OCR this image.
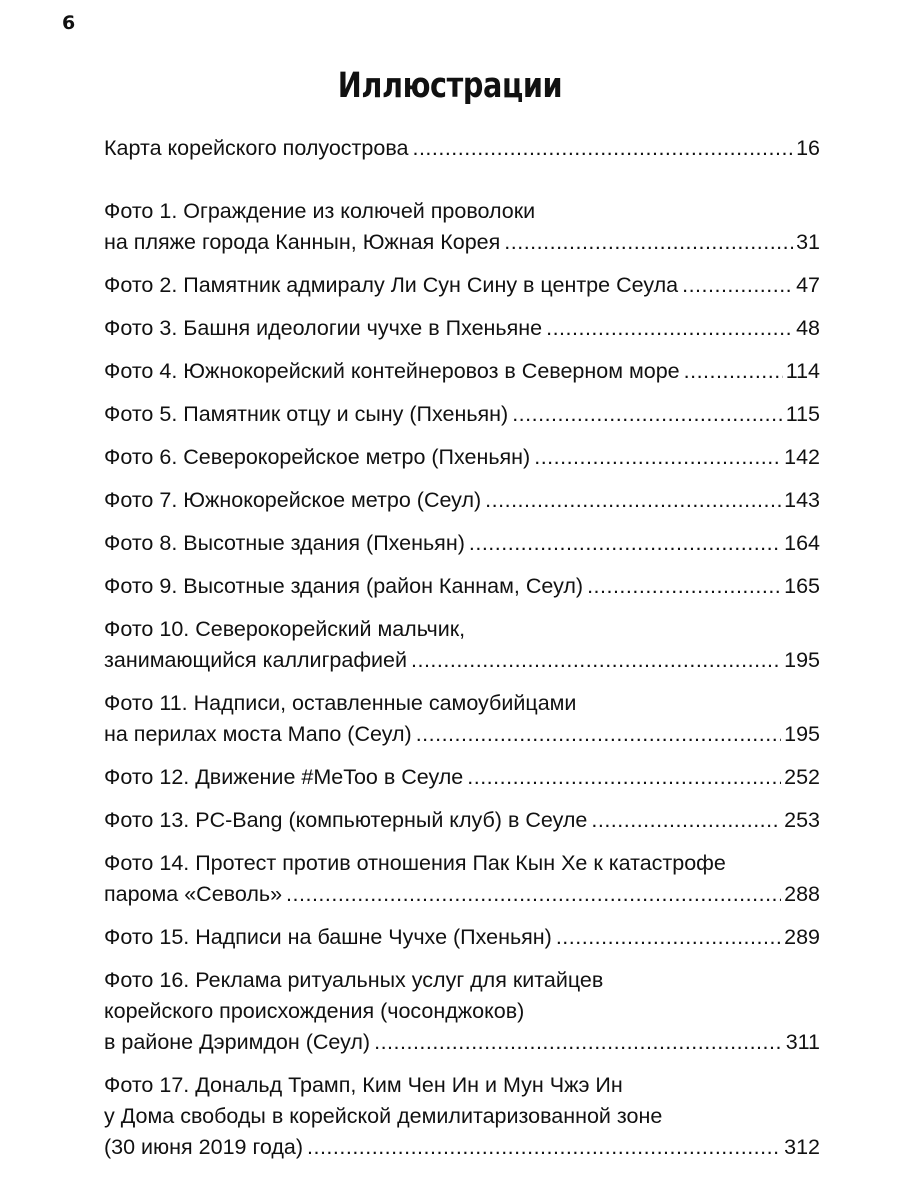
6
Иллюстрации
Карта корейского полуострова .....	16
Фото 1. Ограждение из колючей проволоки
на пляже города Каннын, Южная Корея .....	31
Фото 2. Памятник адмиралу Ли Сун Сину в центре Сеула .....	47
Фото 3. Башня идеологии чучхе в Пхеньяне .....	48
Фото 4. Южнокорейский контейнеровоз в Северном море .....	114
Фото 5. Памятник отцу и сыну (Пхеньян) .....	115
Фото 6. Северокорейское метро (Пхеньян) .....	142
Фото 7. Южнокорейское метро (Сеул) .....	143
Фото 8. Высотные здания (Пхеньян) .....	164
Фото 9. Высотные здания (район Каннам, Сеул) .....	165
Фото 10. Северокорейский мальчик,
занимающийся каллиграфией .....	195
Фото 11. Надписи, оставленные самоубийцами
на перилах моста Мапо (Сеул) .....	195
Фото 12. Движение #MeToo в Сеуле .....	252
Фото 13. PC-Bang (компьютерный клуб) в Сеуле .....	253
Фото 14. Протест против отношения Пак Кын Хе к катастрофе
парома «Севоль» .....	288
Фото 15. Надписи на башне Чучхе (Пхеньян) .....	289
Фото 16. Реклама ритуальных услуг для китайцев
корейского происхождения (чосонджоков)
в районе Дэримдон (Сеул) .....	311
Фото 17. Дональд Трамп, Ким Чен Ин и Мун Чжэ Ин
у Дома свободы в корейской демилитаризованной зоне
(30 июня 2019 года) .....	312
